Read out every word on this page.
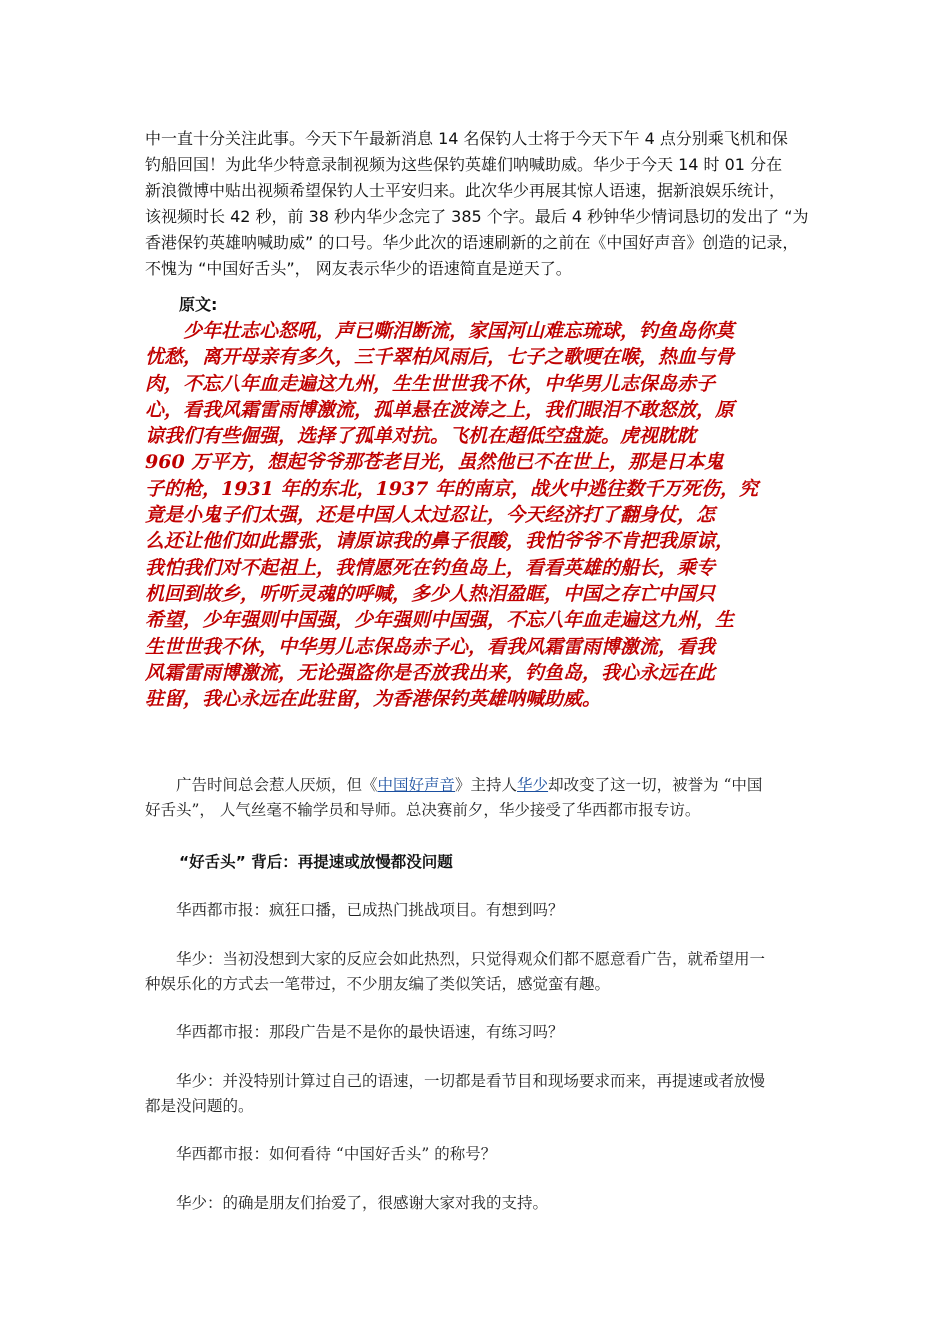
中一直十分关注此事。今天下午最新消息 14 名保钓人士将于今天下午 4 点分别乘飞机和保
钓船回国！为此华少特意录制视频为这些保钓英雄们呐喊助威。华少于今天 14 时 01 分在
新浪微博中贴出视频希望保钓人士平安归来。此次华少再展其惊人语速，据新浪娱乐统计，
该视频时长 42 秒，前 38 秒内华少念完了 385 个字。最后 4 秒钟华少情词恳切的发出了 “为
香港保钓英雄呐喊助威” 的口号。华少此次的语速刷新的之前在《中国好声音》创造的记录，
不愧为 “中国好舌头”， 网友表示华少的语速简直是逆天了。
原文:
　　少年壮志心怒吼，声已嘶泪断流，家国河山难忘琉球，钓鱼岛你莫
忧愁，离开母亲有多久，三千翠柏风雨后，七子之歌哽在喉，热血与骨
肉，不忘八年血走遍这九州，生生世世我不休，中华男儿志保岛赤子
心，看我风霜雷雨博激流，孤单悬在波涛之上，我们眼泪不敢怒放，原
谅我们有些倔强，选择了孤单对抗。飞机在超低空盘旋。虎视眈眈
960 万平方，想起爷爷那苍老目光，虽然他已不在世上，那是日本鬼
子的枪，1931 年的东北，1937 年的南京，战火中逃往数千万死伤，究
竟是小鬼子们太强，还是中国人太过忍让，今天经济打了翻身仗，怎
么还让他们如此嚣张，请原谅我的鼻子很酸，我怕爷爷不肯把我原谅，
我怕我们对不起祖上，我情愿死在钓鱼岛上，看看英雄的船长，乘专
机回到故乡，听听灵魂的呼喊，多少人热泪盈眶，中国之存亡中国只
希望，少年强则中国强，少年强则中国强，不忘八年血走遍这九州，生
生世世我不休，中华男儿志保岛赤子心，看我风霜雷雨博激流，看我
风霜雷雨博激流，无论强盗你是否放我出来，钓鱼岛，我心永远在此
驻留，我心永远在此驻留，为香港保钓英雄呐喊助威。
　　广告时间总会惹人厌烦，但《中国好声音》主持人华少却改变了这一切，被誉为 “中国
好舌头”， 人气丝毫不输学员和导师。总决赛前夕，华少接受了华西都市报专访。
“好舌头” 背后：再提速或放慢都没问题
　　华西都市报：疯狂口播，已成热门挑战项目。有想到吗？
　　华少：当初没想到大家的反应会如此热烈，只觉得观众们都不愿意看广告，就希望用一
种娱乐化的方式去一笔带过，不少朋友编了类似笑话，感觉蛮有趣。
　　华西都市报：那段广告是不是你的最快语速，有练习吗？
　　华少：并没特别计算过自己的语速，一切都是看节目和现场要求而来，再提速或者放慢
都是没问题的。
　　华西都市报：如何看待 “中国好舌头” 的称号？
　　华少：的确是朋友们抬爱了，很感谢大家对我的支持。
